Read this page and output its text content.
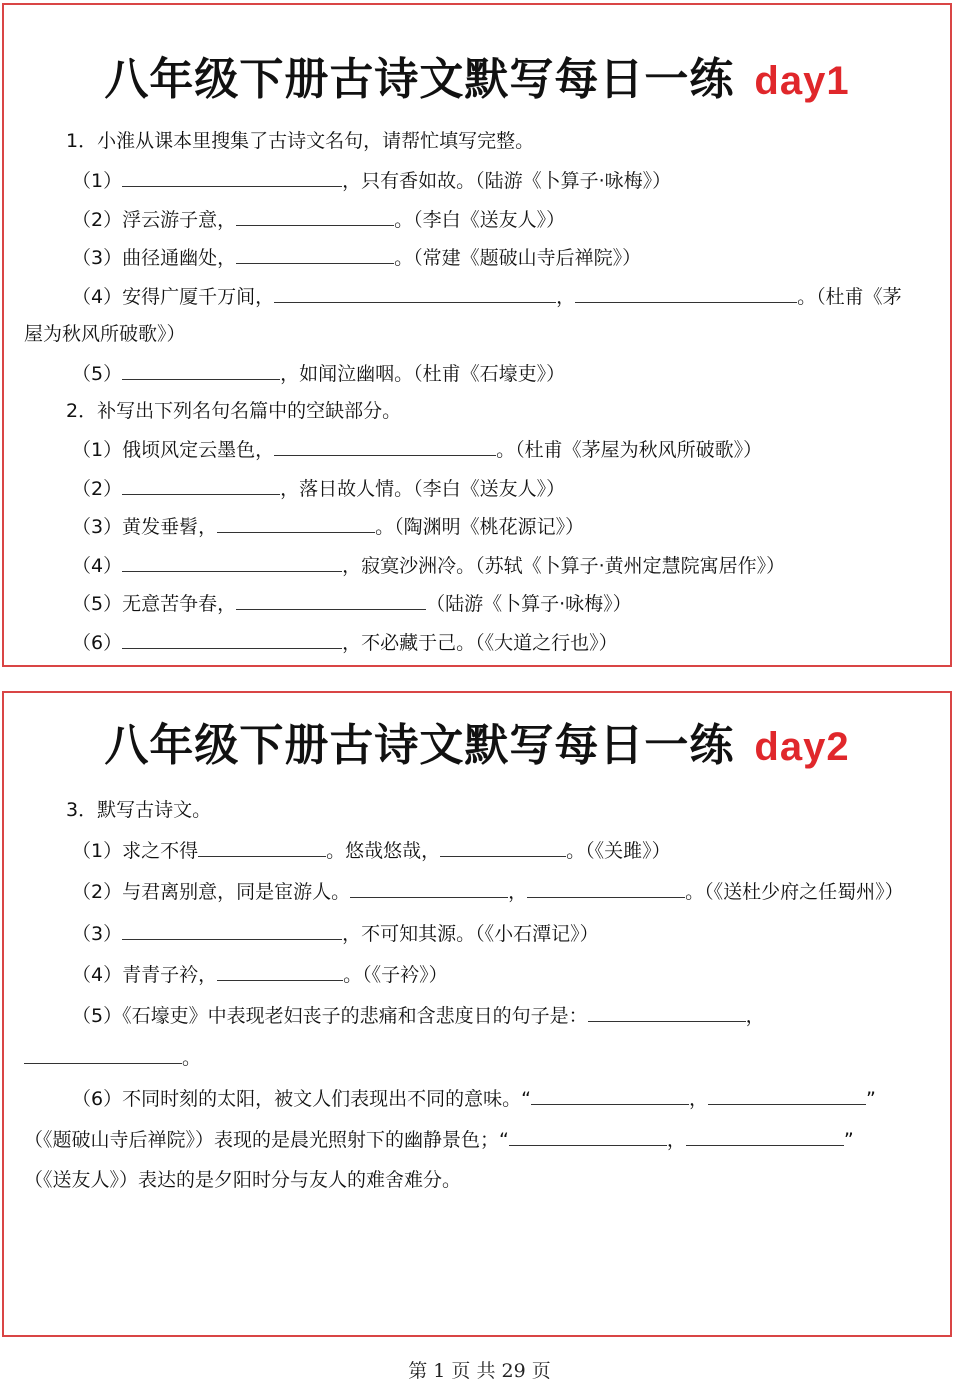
八年级下册古诗文默写每日一练 day1
1．小淮从课本里搜集了古诗文名句，请帮忙填写完整。
（1）	，只有香如故。（陆游《卜算子·咏梅》）
（2）浮云游子意，	。（李白《送友人》）
（3）曲径通幽处，	。（常建《题破山寺后禅院》）
（4）安得广厦千万间，	，	。（杜甫《茅
屋为秋风所破歌》）
（5）	，如闻泣幽咽。（杜甫《石壕吏》）
2．补写出下列名句名篇中的空缺部分。
（1）俄顷风定云墨色，	。（杜甫《茅屋为秋风所破歌》）
（2）	，落日故人情。（李白《送友人》）
（3）黄发垂髫，	。（陶渊明《桃花源记》）
（4）	，寂寞沙洲冷。（苏轼《卜算子·黄州定慧院寓居作》）
（5）无意苦争春，	（陆游《卜算子·咏梅》）
（6）	，不必藏于己。（《大道之行也》）
八年级下册古诗文默写每日一练 day2
3．默写古诗文。
（1）求之不得	。悠哉悠哉，	。（《关雎》）
（2）与君离别意，同是宦游人。	，	。（《送杜少府之任蜀州》）
（3）	，不可知其源。（《小石潭记》）
（4）青青子衿，	。（《子衿》）
（5）《石壕吏》中表现老妇丧子的悲痛和含悲度日的句子是：	，
。
（6）不同时刻的太阳，被文人们表现出不同的意味。“	，	”
（《题破山寺后禅院》）表现的是晨光照射下的幽静景色；“	，	”
（《送友人》）表达的是夕阳时分与友人的难舍难分。
第 1 页 共 29 页
